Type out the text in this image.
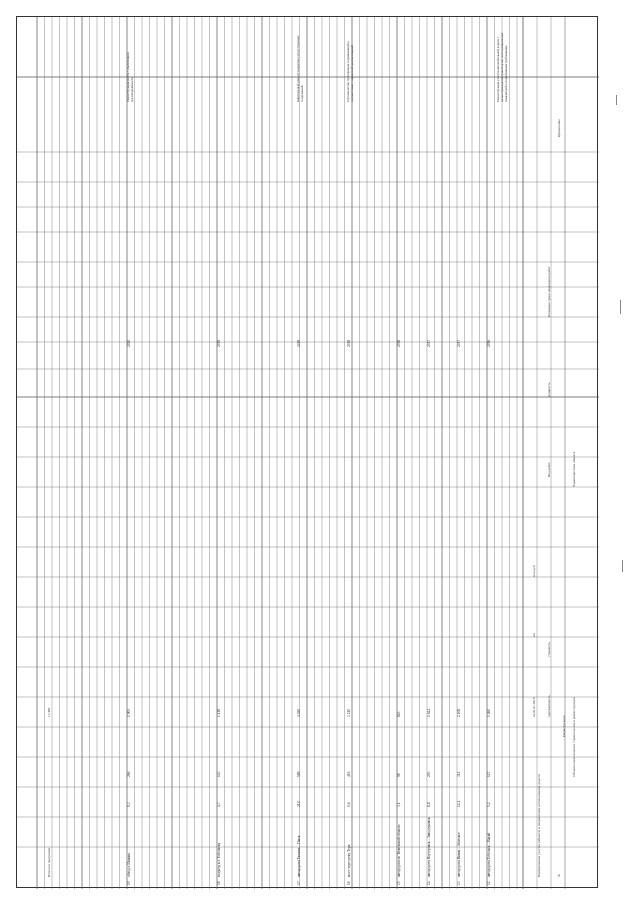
№
Наименование участка (объекта) и направления использования средств
Объекты капитального строительства и реконструкции
Реконструкция
протяжённость
стоимость
на 01.01.2016
км
млн руб.
Характеристика объекта
Вид работ
мощность
Плановые сроки завершения работ
Примечание
12
автодорога Тобольск – Вагай
5,2
127
1 460
2016
13
автодорога Ишим – Абатское
12,4
312
2 108
2017
14
автодорога Ялуторовск – Заводоуковск
8,8
203
1 624
2017
15
автодорога по Тюменской области
3,1
98
845
2018
16
мост через реку Тура
0,6
416
3 210
2018
17
автодорога Тюмень – Омск
21,0
589
4 020
2019
18
подъезд к г. Тобольску
4,7
143
1 118
2019
19
обход г. Ишима
9,3
266
1 905
2020
Реконструкция участка автомобильной дороги с целью приведения транспортно-эксплуатационных показателей к нормативным требованиям
Строительство путепровода и примыканий в соответствии с проектной документацией
Капитальный ремонт покрытия и искусственных сооружений
Реконструкция моста с увеличением грузоподъёмности
Итого по программе
12 466
